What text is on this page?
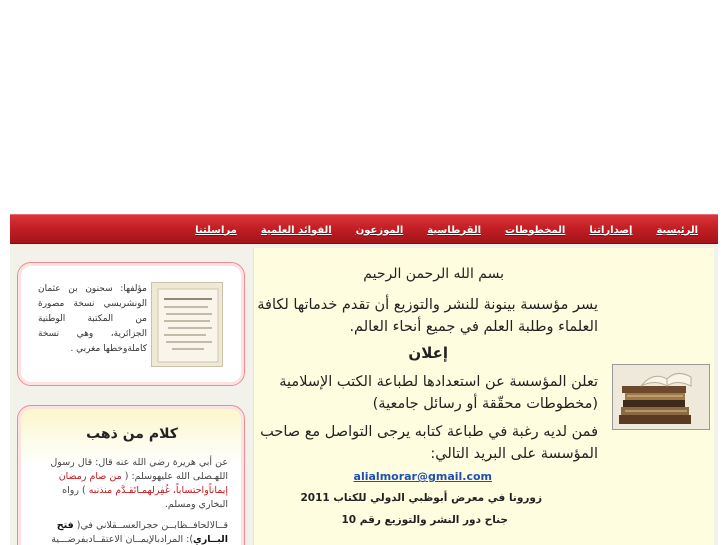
الرئيسية
إصداراتنا
المخطوطات
القرطاسية
الموزعون
الفوائد العلمية
مراسلتنا
بسم الله الرحمن الرحيم
يسر مؤسسة بينونة للنشر والتوزيع أن تقدم خدماتها لكافة العلماء وطلبة العلم في جميع أنحاء العالم.
إعلان
تعلن المؤسسة عن استعدادها لطباعة الكتب الإسلامية (مخطوطات محقّقة أو رسائل جامعية)
فمن لديه رغبة في طباعة كتابه يرجى التواصل مع صاحب المؤسسة على البريد التالي:
alialmorar@gmail.com
زورونا في معرض أبوظبي الدولي للكتاب 2011
جناح دور النشر والتوزيع رقم 10
مؤلفها: سحنون بن عثمان الونشريسي نسخة مصورة من المكتبة الوطنية الجزائرية، وهي نسخة كاملةوخطها مغربي .
كلام من ذهب
عن أبي هريرة رضي الله عنه قال: قال رسول اللهـصلى الله عليهوسلم: ( من صام رمضان إيماناًواحتساباً، غُفِرلهمـاتَقـدَّم منذنبه ) رواه البخاري ومسلم.
قــالالحافــظابــن حجرالعســقلاني في( فتح البــاري): المرادبالإيمــان الاعتقــادبفرضـــية
